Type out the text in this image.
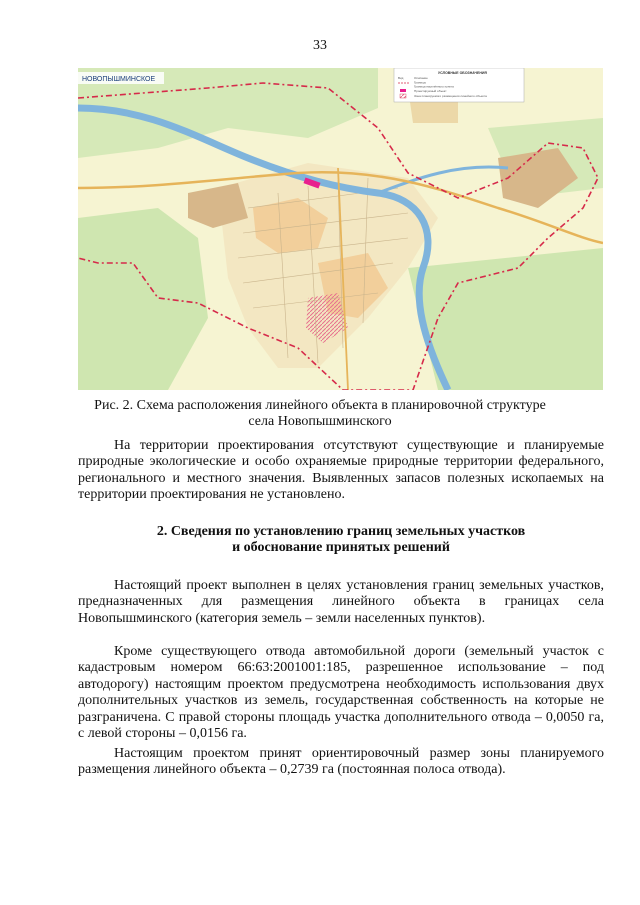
33
НОВОПЫШМИНСКОЕ
УСЛОВНЫЕ ОБОЗНАЧЕНИЯ
Вид	Описание
Границы
Граница населённого пункта
Проектируемый объект
Зона планируемого размещения линейного объекта
Рис. 2. Схема расположения линейного объекта в планировочной структуре
села Новопышминского

На территории проектирования отсутствуют существующие и планируемые природные экологические и особо охраняемые природные территории федерального, регионального и местного значения. Выявленных запасов полезных ископаемых на территории проектирования не установлено.

2. Сведения по установлению границ земельных участков
и обоснование принятых решений

Настоящий проект выполнен в целях установления границ земельных участков, предназначенных для размещения линейного объекта в границах села Новопышминского (категория земель – земли населенных пунктов).

Кроме существующего отвода автомобильной дороги (земельный участок с кадастровым номером 66:63:2001001:185, разрешенное использование – под автодорогу) настоящим проектом предусмотрена необходимость использования двух дополнительных участков из земель, государственная собственность на которые не разграничена. С правой стороны площадь участка дополнительного отвода – 0,0050 га, с левой стороны – 0,0156 га.

Настоящим проектом принят ориентировочный размер зоны планируемого размещения линейного объекта – 0,2739 га (постоянная полоса отвода).
